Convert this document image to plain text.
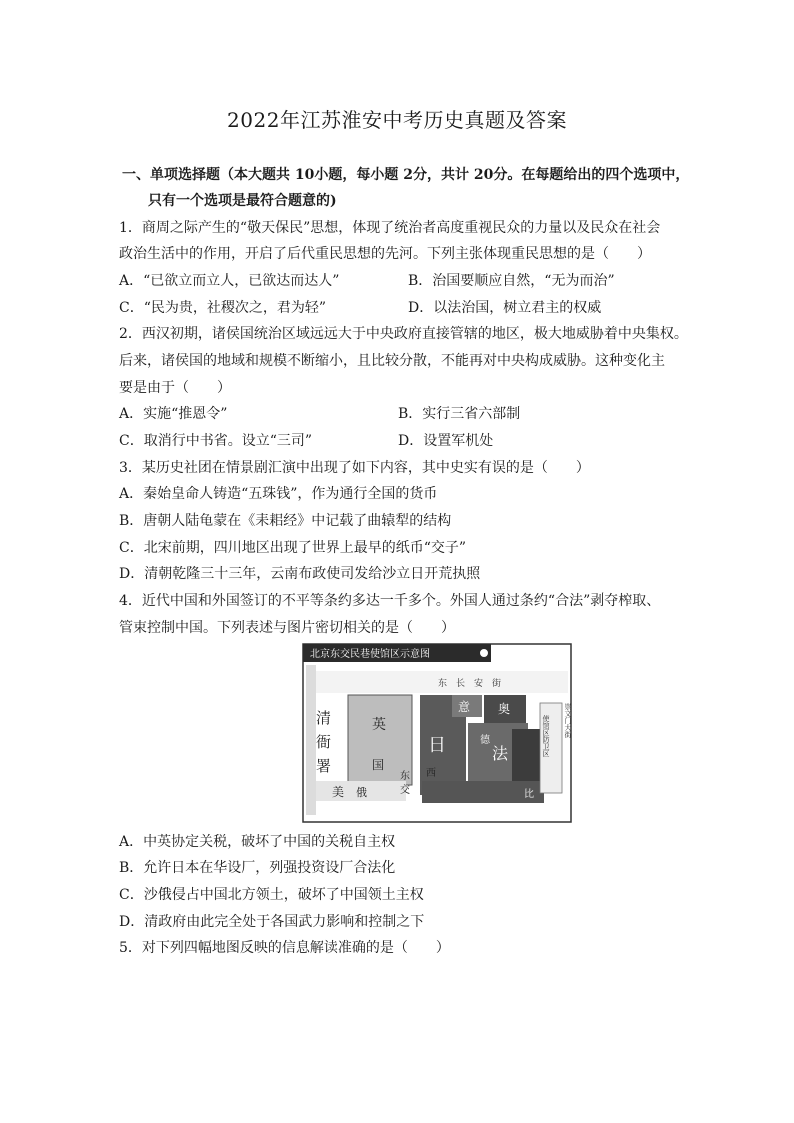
2022年江苏淮安中考历史真题及答案
一、单项选择题（本大题共 10小题，每小题 2分，共计 20分。在每题给出的四个选项中，
只有一个选项是最符合题意的)
1．商周之际产生的“敬天保民”思想，体现了统治者高度重视民众的力量以及民众在社会
政治生活中的作用，开启了后代重民思想的先河。下列主张体现重民思想的是（　　）
A．“已欲立而立人，已欲达而达人”	B．治国要顺应自然，“无为而治”
C．“民为贵，社稷次之，君为轻”	D．以法治国，树立君主的权威
2．西汉初期，诸侯国统治区域远远大于中央政府直接管辖的地区，极大地威胁着中央集权。
后来，诸侯国的地域和规模不断缩小，且比较分散，不能再对中央构成威胁。这种变化主
要是由于（　　）
A．实施“推恩令”	B．实行三省六部制
C．取消行中书省。设立“三司”	D．设置军机处
3．某历史社团在情景剧汇演中出现了如下内容，其中史实有误的是（　　）
A．秦始皇命人铸造“五珠钱”，作为通行全国的货币
B．唐朝人陆龟蒙在《耒耜经》中记载了曲辕犁的结构
C．北宋前期，四川地区出现了世界上最早的纸币“交子”
D．清朝乾隆三十三年，云南布政使司发给沙立日开荒执照
4．近代中国和外国签订的不平等条约多达一千多个。外国人通过条约“合法”剥夺榨取、
管束控制中国。下列表述与图片密切相关的是（　　）
北京东交民巷使馆区示意图
东　长　安　街
清
衙
署
英
国
美 俄
东
交
日
意 奥
法
德
西
比
使馆区防卫区 崇文门大街
A．中英协定关税，破坏了中国的关税自主权
B．允许日本在华设厂，列强投资设厂合法化
C．沙俄侵占中国北方领土，破坏了中国领土主权
D．清政府由此完全处于各国武力影响和控制之下
5．对下列四幅地图反映的信息解读准确的是（　　）
